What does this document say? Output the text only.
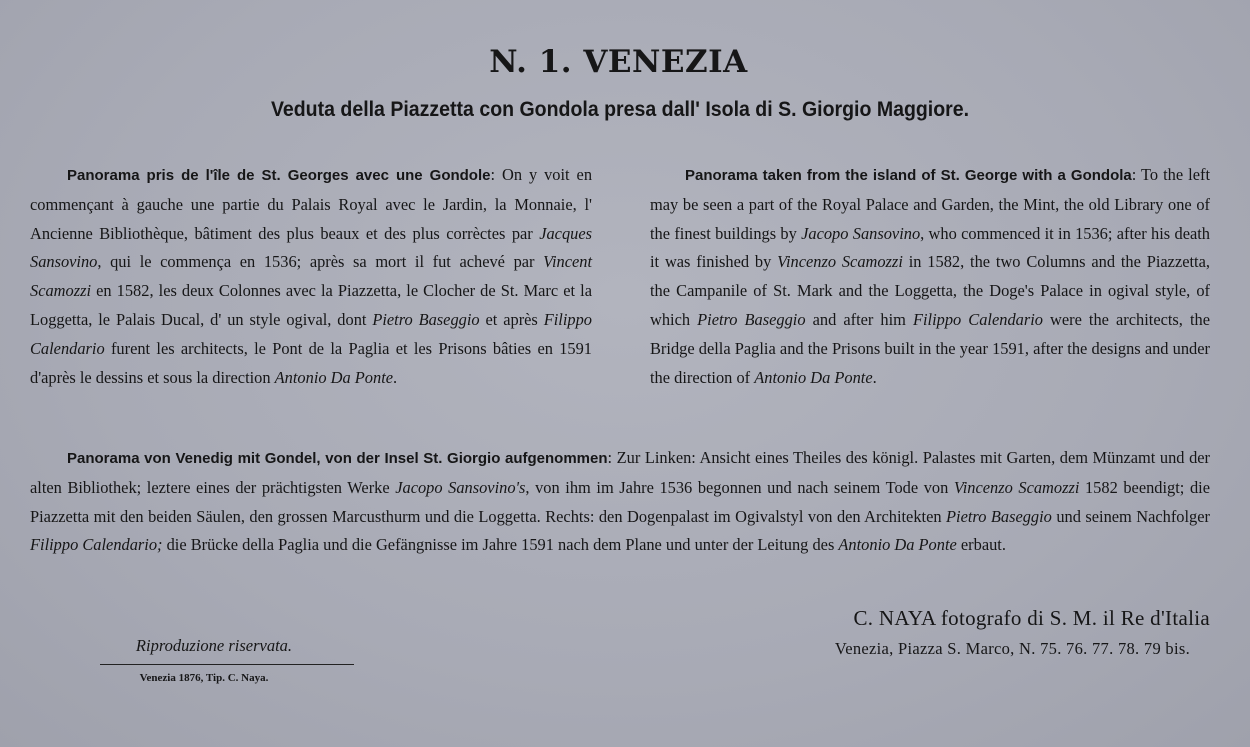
N. 1. VENEZIA
Veduta della Piazzetta con Gondola presa dall' Isola di S. Giorgio Maggiore.
Panorama pris de l'île de St. Georges avec une Gondole: On y voit en commençant à gauche une partie du Palais Royal avec le Jardin, la Monnaie, l' Ancienne Bibliothèque, bâtiment des plus beaux et des plus corrèctes par Jacques Sansovino, qui le commença en 1536; après sa mort il fut achevé par Vincent Scamozzi en 1582, les deux Colonnes avec la Piazzetta, le Clocher de St. Marc et la Loggetta, le Palais Ducal, d' un style ogival, dont Pietro Baseggio et après Filippo Calendario furent les architects, le Pont de la Paglia et les Prisons bâties en 1591 d'après le dessins et sous la direction Antonio Da Ponte.
Panorama taken from the island of St. George with a Gondola: To the left may be seen a part of the Royal Palace and Garden, the Mint, the old Library one of the finest buildings by Jacopo Sansovino, who commenced it in 1536; after his death it was finished by Vincenzo Scamozzi in 1582, the two Columns and the Piazzetta, the Campanile of St. Mark and the Loggetta, the Doge's Palace in ogival style, of which Pietro Baseggio and after him Filippo Calendario were the architects, the Bridge della Paglia and the Prisons built in the year 1591, after the designs and under the direction of Antonio Da Ponte.
Panorama von Venedig mit Gondel, von der Insel St. Giorgio aufgenommen: Zur Linken: Ansicht eines Theiles des königl. Palastes mit Garten, dem Münzamt und der alten Bibliothek; leztere eines der prächtigsten Werke Jacopo Sansovino's, von ihm im Jahre 1536 begonnen und nach seinem Tode von Vincenzo Scamozzi 1582 beendigt; die Piazzetta mit den beiden Säulen, den grossen Marcusthurm und die Loggetta. Rechts: den Dogenpalast im Ogivalstyl von den Architekten Pietro Baseggio und seinem Nachfolger Filippo Calendario; die Brücke della Paglia und die Gefängnisse im Jahre 1591 nach dem Plane und unter der Leitung des Antonio Da Ponte erbaut.
Riproduzione riservata.
Venezia 1876, Tip. C. Naya.
C. NAYA fotografo di S. M. il Re d'Italia
Venezia, Piazza S. Marco, N. 75. 76. 77. 78. 79 bis.
